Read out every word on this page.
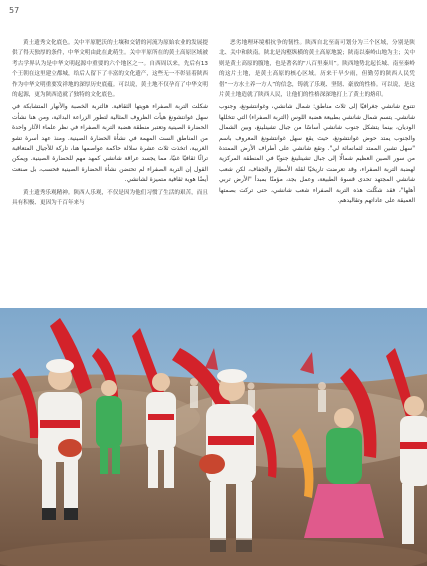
57

黄土遗秀文化底色。关中平原肥沃的土壤和交错的河流为原始农业的发展提供了得天独厚的条件，中华文明由此在此萌生。关中平原所在的黄土高原区域被考古学界认为是中华文明起源中重要的六个地区之一。自西周以来，先后有13个王朝在这里建立都城，给后人留下了丰富的文化遗产，这些无一不彰显着陕西作为中华文明重要发祥地的深厚历史底蕴。可以说，黄土地不仅孕育了中华文明的起源，更为陕西造就了独特的文化底色。

شكلت التربة الصفراء هويتها الثقافية. فالتربة الخصبة والأنهار المتشابكة في سهل غوانتشونغ هيأت الظروف المثالية لتطور الزراعة البدائية، ومن هنا نشأت الحضارة الصينية وتعتبر منطقة هضبة التربة الصفراء في نظر علماء الآثار واحدة من المناطق الست المهمة في نشأة الحضارة الصينية. ومنذ عهد أسرة تشو الغربية، اتخذت ثلاث عشرة سلالة حاكمة عواصمها هنا، تاركة للأجيال المتعاقبة تراثًا ثقافيًا غنيًا، مما يجسد عراقة شانشي كمهد مهم للحضارة الصينية. ويمكن القول إن التربة الصفراء لم تحتضن نشأة الحضارة الصينية فحسب، بل صنعت أيضًا هوية ثقافية متميزة لشانشي.

黄土遗秀乐观精神。陕西人乐观，不仅是因为他们习惯了生活的艰苦，而且具有积极、更因为千百年来与

恶劣地理环境相抗争的韧性。陕西自北至南可划分为三个区域，分别是陕北、关中和陕南。陕北是沟壑纵横的黄土高原地貌；陕南以秦岭山地为主；关中则是黄土高原的腹地，也是著名的“八百里秦川”。陕西地势北起长城、南至秦岭的这片土地，是黄土高原的核心区域。历来干旱少雨，但勤劳的陕西人民凭借“一方水土养一方人”的信念，铸就了乐观、坚韧、豪放的性格。可以说，是这片黄土地造就了陕西人民，让他们的性格深深地打上了黄土的烙印。

تتنوع شانشي جغرافيًا إلى ثلاث مناطق: شمال شانشي، وغوانتشونغ، وجنوب شانشي. يتسم شمال شانشي بطبيعة هضبة اللوس (التربة الصفراء) التي تتخللها الوديان، بينما يتشكل جنوب شانشي أساسًا من جبال تشينلينغ، وبين الشمال والجنوب يمتد حوض غوانتشونغ، حيث يقع سهل غوانتشونغ المعروف باسم "سهل تشين الممتد لثمانمائة لي". وتقع شانشي على أطراف الأرض الممتدة من سور الصين العظيم شمالًا إلى جبال تشينلينغ جنوبًا في المنطقة المركزية لهضبة التربة الصفراء، وقد تعرضت تاريخيًا لقلة الأمطار والجفاف، لكن شعب شانشي المجتهد تحدى قسوة الطبيعة، وعمل بجد، مؤمنًا بمبدأ "الأرض تربي أهلها"، فقد شكّلت هذه التربة الصفراء شعب شانشي، حتى تركت بصمتها العميقة على عاداتهم وتقاليدهم.
